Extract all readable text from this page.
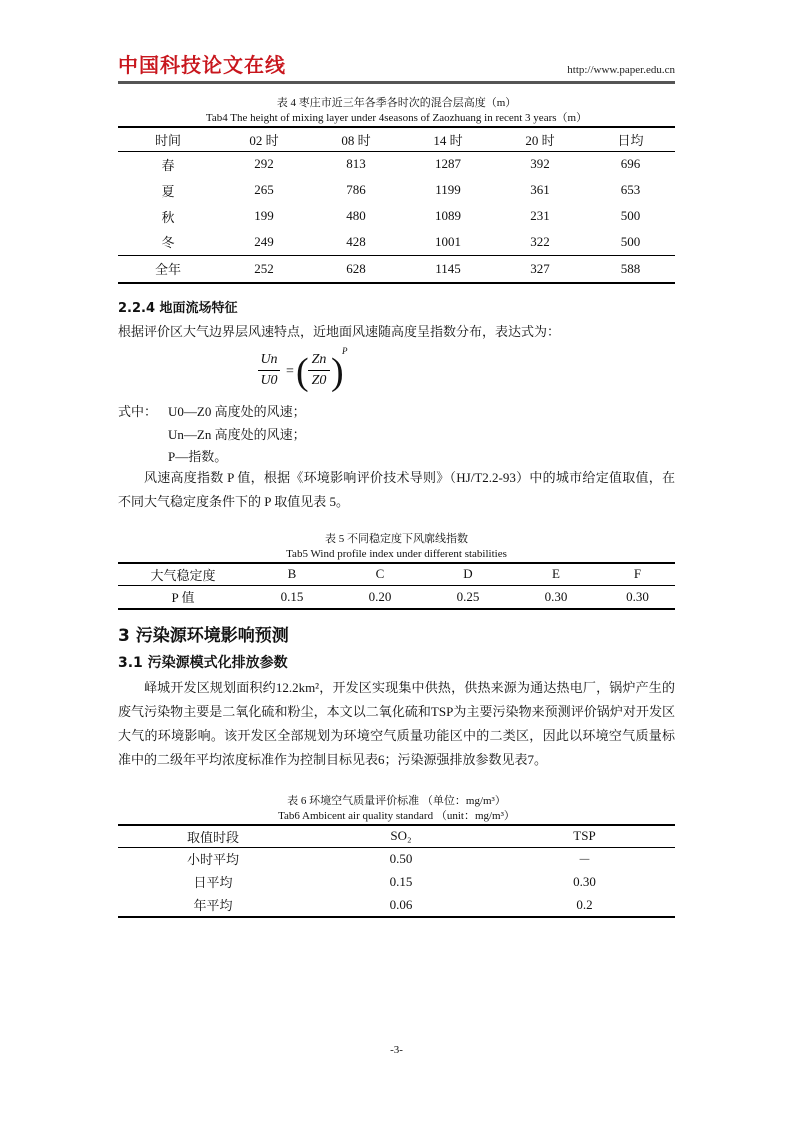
中国科技论文在线	http://www.paper.edu.cn
表 4 枣庄市近三年各季各时次的混合层高度（m）
Tab4 The height of mixing layer under 4seasons of Zaozhuang in recent 3 years（m）
时间	02 时	08 时	14 时	20 时	日均
春	292	813	1287	392	696
夏	265	786	1199	361	653
秋	199	480	1089	231	500
冬	249	428	1001	322	500
全年	252	628	1145	327	588
2.2.4 地面流场特征
根据评价区大气边界层风速特点，近地面风速随高度呈指数分布，表达式为：
Un
U0
= ( Zn
Z0 )
P
式中： U0—Z0 高度处的风速；
Un—Zn 高度处的风速；
P—指数。
风速高度指数 P 值，根据《环境影响评价技术导则》（HJ/T2.2-93）中的城市给定值取值，在不同大气稳定度条件下的 P 取值见表 5。
表 5 不同稳定度下风廓线指数
Tab5 Wind profile index under different stabilities
大气稳定度	B	C	D	E	F
P 值	0.15	0.20	0.25	0.30	0.30
3 污染源环境影响预测
3.1 污染源模式化排放参数
峄城开发区规划面积约12.2km²，开发区实现集中供热，供热来源为通达热电厂，锅炉产生的废气污染物主要是二氧化硫和粉尘，本文以二氧化硫和TSP为主要污染物来预测评价锅炉对开发区大气的环境影响。该开发区全部规划为环境空气质量功能区中的二类区，因此以环境空气质量标准中的二级年平均浓度标准作为控制目标见表6；污染源强排放参数见表7。
表 6 环境空气质量评价标准 （单位：mg/m³）
Tab6 Ambicent air quality standard （unit：mg/m³）
取值时段	SO₂	TSP
小时平均	0.50	－
日平均	0.15	0.30
年平均	0.06	0.2
-3-
